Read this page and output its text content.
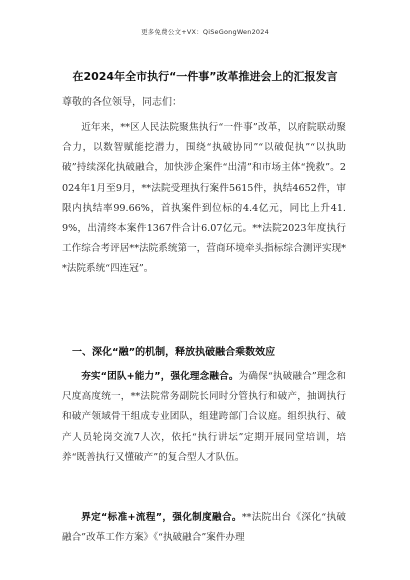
更多免费公文+VX：QiSeGongWen2024
在2024年全市执行“一件事”改革推进会上的汇报发言
尊敬的各位领导，同志们：
近年来，**区人民法院聚焦执行“一件事”改革，以府院联动聚合力，以数智赋能挖潜力，围绕“执破协同”“以破促执”“以执助破”持续深化执破融合，加快涉企案件“出清”和市场主体“挽救”。2024年1月至9月，**法院受理执行案件5615件，执结4652件，审限内执结率99.66%，首执案件到位标的4.4亿元，同比上升41.9%，出清终本案件1367件合计6.07亿元。**法院2023年度执行工作综合考评居**法院系统第一，营商环境牵头指标综合测评实现**法院系统“四连冠”。
一、深化“融”的机制，释放执破融合乘数效应
夯实“团队+能力”，强化理念融合。为确保“执破融合”理念和尺度高度统一，**法院常务副院长同时分管执行和破产，抽调执行和破产领域骨干组成专业团队，组建跨部门合议庭。组织执行、破产人员轮岗交流7人次，依托“执行讲坛”定期开展同堂培训，培养“既善执行又懂破产”的复合型人才队伍。
界定“标准+流程”，强化制度融合。**法院出台《深化“执破融合”改革工作方案》《“执破融合”案件办理
